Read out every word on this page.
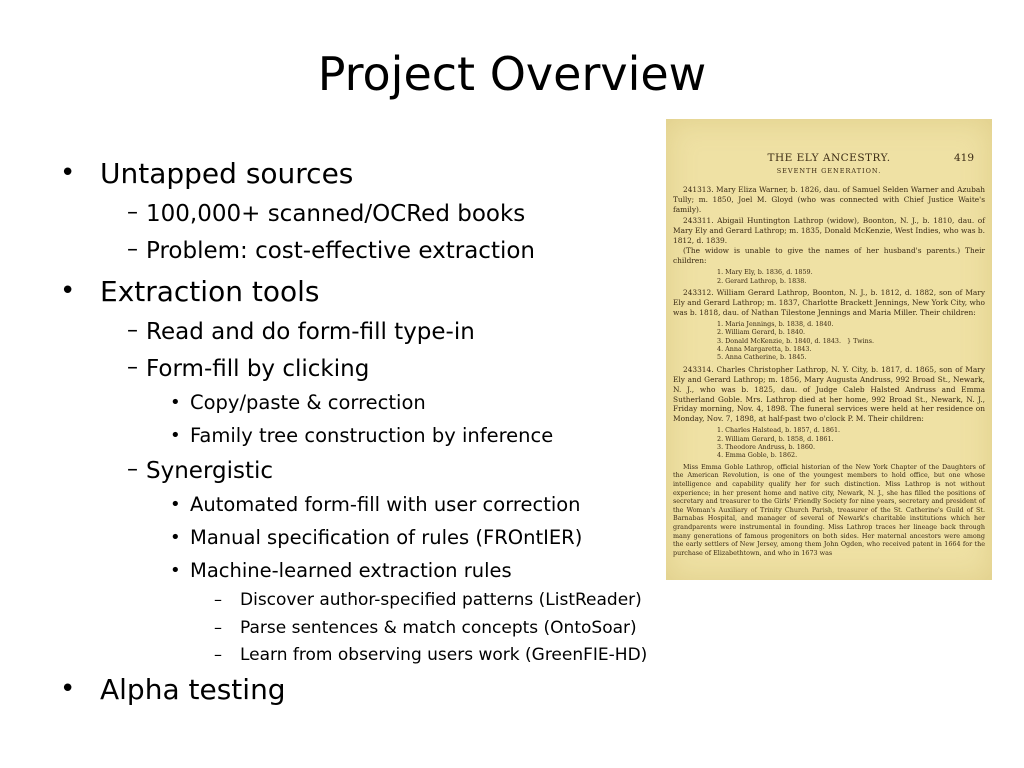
Project Overview
• Untapped sources
– 100,000+ scanned/OCRed books
– Problem: cost-effective extraction
• Extraction tools
– Read and do form-fill type-in
– Form-fill by clicking
• Copy/paste & correction
• Family tree construction by inference
– Synergistic
• Automated form-fill with user correction
• Manual specification of rules (FROntIER)
• Machine-learned extraction rules
– Discover author-specified patterns (ListReader)
– Parse sentences & match concepts (OntoSoar)
– Learn from observing users work (GreenFIE-HD)
• Alpha testing
THE ELY ANCESTRY.	419
SEVENTH GENERATION.

241313. Mary Eliza Warner, b. 1826, dau. of Samuel Selden Warner and Azubah Tully; m. 1850, Joel M. Gloyd (who was connected with Chief Justice Waite's family).

243311. Abigail Huntington Lathrop (widow), Boonton, N. J., b. 1810, dau. of Mary Ely and Gerard Lathrop; m. 1835, Donald McKenzie, West Indies, who was b. 1812, d. 1839.

(The widow is unable to give the names of her husband's parents.) Their children:

1. Mary Ely, b. 1836, d. 1859.
2. Gerard Lathrop, b. 1838.

243312. William Gerard Lathrop, Boonton, N. J., b. 1812, d. 1882, son of Mary Ely and Gerard Lathrop; m. 1837, Charlotte Brackett Jennings, New York City, who was b. 1818, dau. of Nathan Tilestone Jennings and Maria Miller. Their children:

1. Maria Jennings, b. 1838, d. 1840.
2. William Gerard, b. 1840.
3. Donald McKenzie, b. 1840, d. 1843. } Twins.
4. Anna Margaretta, b. 1843.
5. Anna Catherine, b. 1845.

243314. Charles Christopher Lathrop, N. Y. City, b. 1817, d. 1865, son of Mary Ely and Gerard Lathrop; m. 1856, Mary Augusta Andruss, 992 Broad St., Newark, N. J., who was b. 1825, dau. of Judge Caleb Halsted Andruss and Emma Sutherland Goble. Mrs. Lathrop died at her home, 992 Broad St., Newark, N. J., Friday morning, Nov. 4, 1898. The funeral services were held at her residence on Monday, Nov. 7, 1898, at half-past two o'clock P. M. Their children:

1. Charles Halstead, b. 1857, d. 1861.
2. William Gerard, b. 1858, d. 1861.
3. Theodore Andruss, b. 1860.
4. Emma Goble, b. 1862.

Miss Emma Goble Lathrop, official historian of the New York Chapter of the Daughters of the American Revolution, is one of the youngest members to hold office, but one whose intelligence and capability qualify her for such distinction. Miss Lathrop is not without experience; in her present home and native city, Newark, N. J., she has filled the positions of secretary and treasurer to the Girls' Friendly Society for nine years, secretary and president of the Woman's Auxiliary of Trinity Church Parish, treasurer of the St. Catherine's Guild of St. Barnabas Hospital, and manager of several of Newark's charitable institutions which her grandparents were instrumental in founding. Miss Lathrop traces her lineage back through many generations of famous progenitors on both sides. Her maternal ancestors were among the early settlers of New Jersey, among them John Ogden, who received patent in 1664 for the purchase of Elizabethtown, and who in 1673 was
